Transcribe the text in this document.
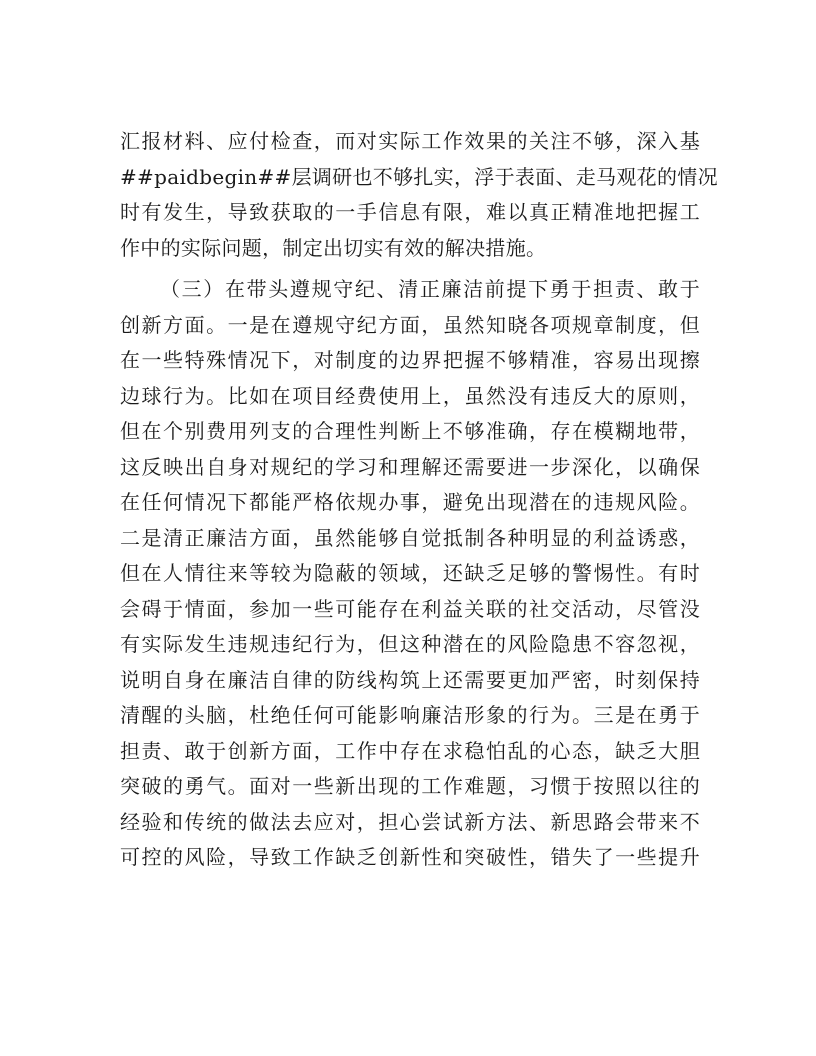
汇报材料、应付检查，而对实际工作效果的关注不够，深入基
##paidbegin##层调研也不够扎实，浮于表面、走马观花的情况
时有发生，导致获取的一手信息有限，难以真正精准地把握工
作中的实际问题，制定出切实有效的解决措施。

（三）在带头遵规守纪、清正廉洁前提下勇于担责、敢于
创新方面。一是在遵规守纪方面，虽然知晓各项规章制度，但
在一些特殊情况下，对制度的边界把握不够精准，容易出现擦
边球行为。比如在项目经费使用上，虽然没有违反大的原则，
但在个别费用列支的合理性判断上不够准确，存在模糊地带，
这反映出自身对规纪的学习和理解还需要进一步深化，以确保
在任何情况下都能严格依规办事，避免出现潜在的违规风险。
二是清正廉洁方面，虽然能够自觉抵制各种明显的利益诱惑，
但在人情往来等较为隐蔽的领域，还缺乏足够的警惕性。有时
会碍于情面，参加一些可能存在利益关联的社交活动，尽管没
有实际发生违规违纪行为，但这种潜在的风险隐患不容忽视，
说明自身在廉洁自律的防线构筑上还需要更加严密，时刻保持
清醒的头脑，杜绝任何可能影响廉洁形象的行为。三是在勇于
担责、敢于创新方面，工作中存在求稳怕乱的心态，缺乏大胆
突破的勇气。面对一些新出现的工作难题，习惯于按照以往的
经验和传统的做法去应对，担心尝试新方法、新思路会带来不
可控的风险，导致工作缺乏创新性和突破性，错失了一些提升
